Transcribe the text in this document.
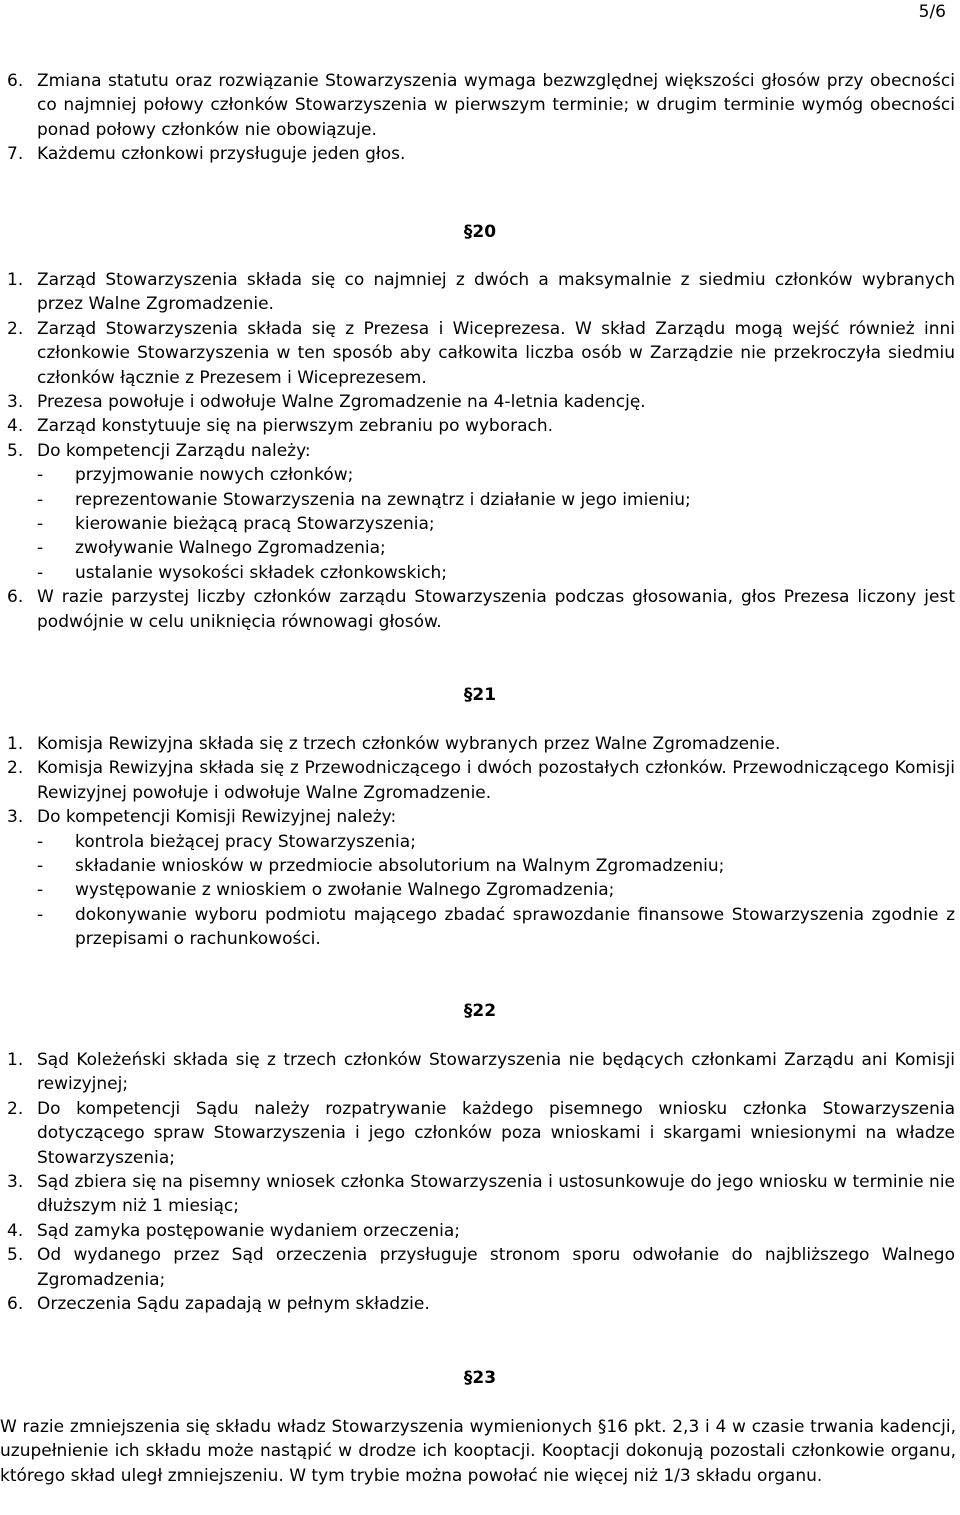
5/6
6. Zmiana statutu oraz rozwiązanie Stowarzyszenia wymaga bezwzględnej większości głosów przy obecności co najmniej połowy członków Stowarzyszenia w pierwszym terminie; w drugim terminie wymóg obecności ponad połowy członków nie obowiązuje.
7. Każdemu członkowi przysługuje jeden głos.
§20
1. Zarząd Stowarzyszenia składa się co najmniej z dwóch a maksymalnie z siedmiu członków wybranych przez Walne Zgromadzenie.
2. Zarząd Stowarzyszenia składa się z Prezesa i Wiceprezesa. W skład Zarządu mogą wejść również inni członkowie Stowarzyszenia w ten sposób aby całkowita liczba osób w Zarządzie nie przekroczyła siedmiu członków łącznie z Prezesem i Wiceprezesem.
3. Prezesa powołuje i odwołuje Walne Zgromadzenie na 4-letnia kadencję.
4. Zarząd konstytuuje się na pierwszym zebraniu po wyborach.
5. Do kompetencji Zarządu należy:
-	przyjmowanie nowych członków;
-	reprezentowanie Stowarzyszenia na zewnątrz i działanie w jego imieniu;
-	kierowanie bieżącą pracą Stowarzyszenia;
-	zwoływanie Walnego Zgromadzenia;
-	ustalanie wysokości składek członkowskich;
6. W razie parzystej liczby członków zarządu Stowarzyszenia podczas głosowania, głos Prezesa liczony jest podwójnie w celu uniknięcia równowagi głosów.
§21
1. Komisja Rewizyjna składa się z trzech członków wybranych przez Walne Zgromadzenie.
2. Komisja Rewizyjna składa się z Przewodniczącego i dwóch pozostałych członków. Przewodniczącego Komisji Rewizyjnej powołuje i odwołuje Walne Zgromadzenie.
3. Do kompetencji Komisji Rewizyjnej należy:
-	kontrola bieżącej pracy Stowarzyszenia;
-	składanie wniosków w przedmiocie absolutorium na Walnym Zgromadzeniu;
-	występowanie z wnioskiem o zwołanie Walnego Zgromadzenia;
-	dokonywanie wyboru podmiotu mającego zbadać sprawozdanie finansowe Stowarzyszenia zgodnie z przepisami o rachunkowości.
§22
1. Sąd Koleżeński składa się z trzech członków Stowarzyszenia nie będących członkami Zarządu ani Komisji rewizyjnej;
2. Do kompetencji Sądu należy rozpatrywanie każdego pisemnego wniosku członka Stowarzyszenia dotyczącego spraw Stowarzyszenia i jego członków poza wnioskami i skargami wniesionymi na władze Stowarzyszenia;
3. Sąd zbiera się na pisemny wniosek członka Stowarzyszenia i ustosunkowuje do jego wniosku w terminie nie dłuższym niż 1 miesiąc;
4. Sąd zamyka postępowanie wydaniem orzeczenia;
5. Od wydanego przez Sąd orzeczenia przysługuje stronom sporu odwołanie do najbliższego Walnego Zgromadzenia;
6. Orzeczenia Sądu zapadają w pełnym składzie.
§23
W razie zmniejszenia się składu władz Stowarzyszenia wymienionych §16 pkt. 2,3 i 4 w czasie trwania kadencji, uzupełnienie ich składu może nastąpić w drodze ich kooptacji. Kooptacji dokonują pozostali członkowie organu, którego skład uległ zmniejszeniu. W tym trybie można powołać nie więcej niż 1/3 składu organu.
